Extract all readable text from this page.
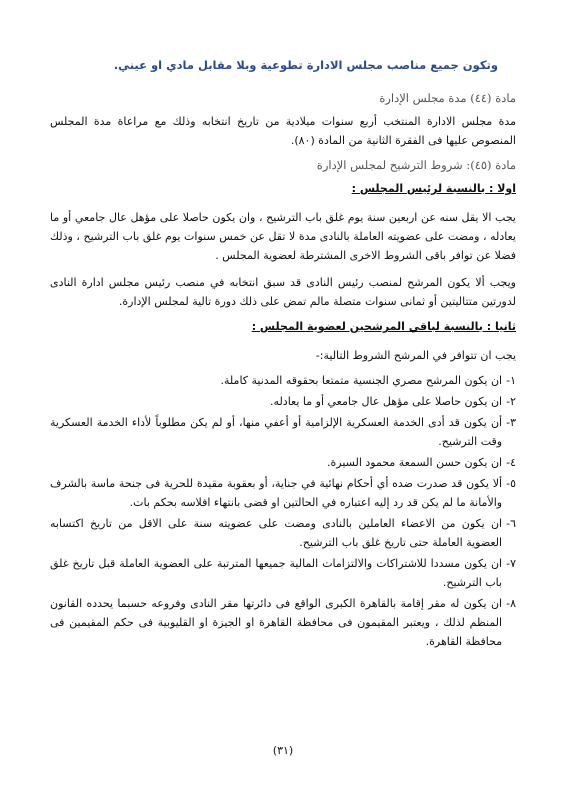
وتكون جميع مناصب مجلس الادارة تطوعية وبلا مقابل مادي او عيني.

مادة (٤٤) مدة مجلس الإدارة

مدة مجلس الادارة المنتخب أربع سنوات ميلادية من تاريخ انتخابه وذلك مع مراعاة مدة المجلس المنصوص عليها فى الفقرة الثانية من المادة (٨٠).

مادة (٤٥): شروط الترشيح لمجلس الإدارة

اولا : بالنسبة لرئيس المجلس :

يجب الا يقل سنه عن اربعين سنة يوم غلق باب الترشيح ، وان يكون حاصلا على مؤهل عال جامعي أو ما يعادله ، ومضت على عضويته العاملة بالنادى مدة لا تقل عن خمس سنوات يوم غلق باب الترشيح ، وذلك فضلا عن توافر باقى الشروط الاخرى المشترطة لعضوية المجلس .

ويجب ألا يكون المرشح لمنصب رئيس النادى قد سبق انتخابه في منصب رئيس مجلس ادارة النادى لدورتين متتاليتين أو ثمانى سنوات متصلة مالم تمض على ذلك دورة تالية لمجلس الإدارة.

ثانيا : بالنسبة لباقي المرشحين لعضوية المجلس :

يجب ان تتوافر في المرشح الشروط التالية:-

١-
ان يكون المرشح مصري الجنسية متمتعا بحقوقه المدنية كاملة.
٢-
ان يكون حاصلا على مؤهل عال جامعي أو ما يعادله.
٣-
أن يكون قد أدى الخدمة العسكرية الإلزامية أو أعفي منها، أو لم يكن مطلوباً لأداء الخدمة العسكرية وقت الترشيح.
٤-
ان يكون حسن السمعة محمود السيرة.
٥-
ألا يكون قد صدرت ضده أي أحكام نهائية في جناية، أو بعقوبة مقيدة للحرية فى جنحة ماسة بالشرف والأمانة ما لم يكن قد رد إليه اعتباره في الحالتين او قضى بانتهاء افلاسه بحكم بات.
٦-
ان يكون من الاعضاء العاملين بالنادى ومضت على عضويته سنة على الاقل من تاريخ اكتسابه العضوية العاملة حتى تاريخ غلق باب الترشيح.
٧-
ان يكون مسددا للاشتراكات والالتزامات المالية جميعها المترتبة على العضوية العاملة قبل تاريخ غلق باب الترشيح.
٨-
ان يكون له مقر إقامة بالقاهرة الكبرى الواقع فى دائرتها مقر النادى وفروعه حسبما يحدده القانون المنظم لذلك ، ويعتبر المقيمون فى محافظة القاهرة او الجيزة او القليوبية فى حكم المقيمين فى محافظة القاهرة.
(٣١)
